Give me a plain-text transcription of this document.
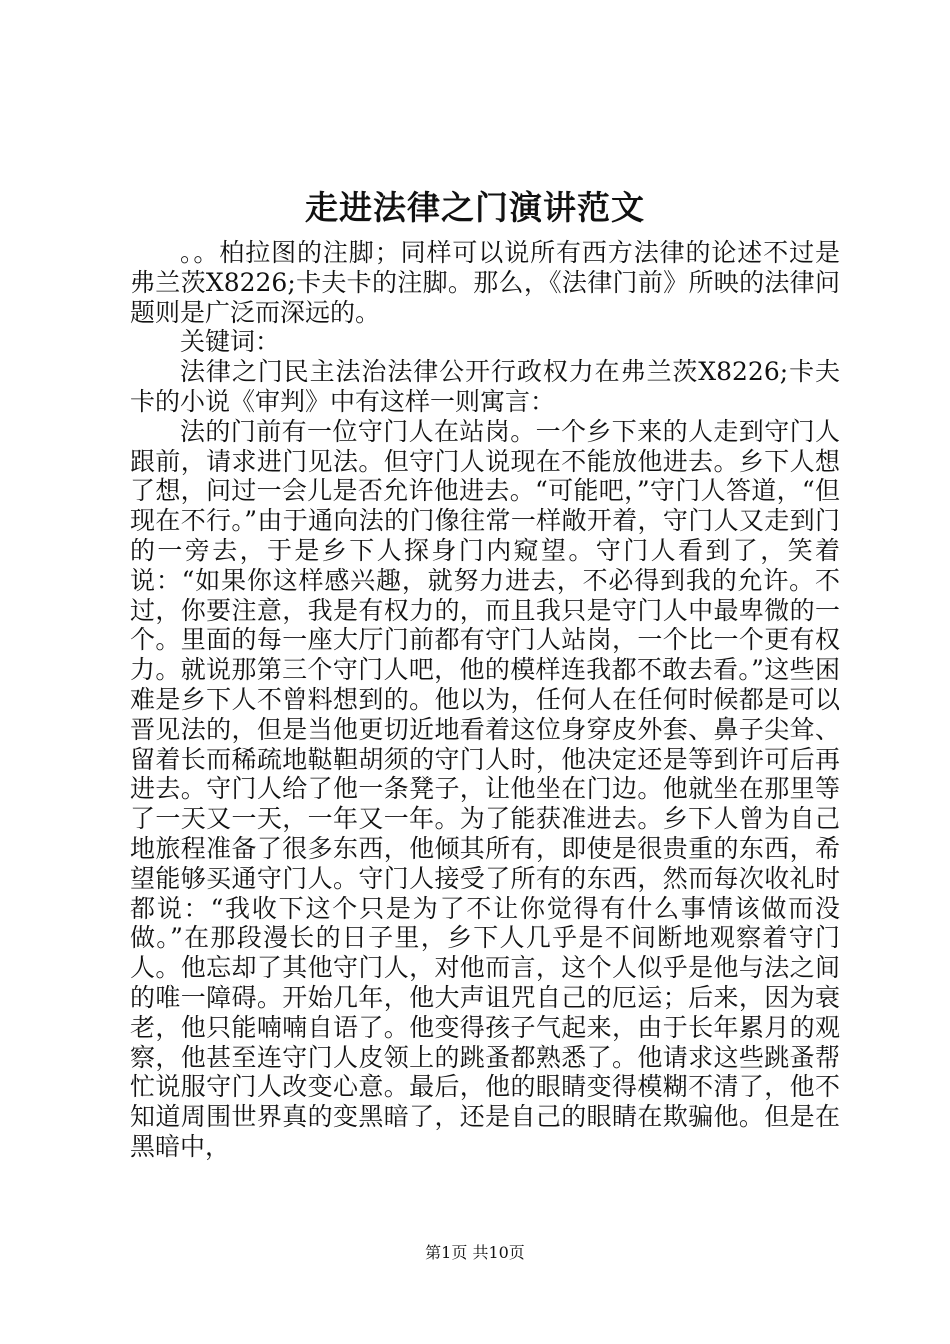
走进法律之门演讲范文

。。柏拉图的注脚；同样可以说所有西方法律的论述不过是弗兰茨X8226;卡夫卡的注脚。那么，《法律门前》所映的法律问题则是广泛而深远的。

关键词：

法律之门民主法治法律公开行政权力在弗兰茨X8226;卡夫卡的小说《审判》中有这样一则寓言：

法的门前有一位守门人在站岗。一个乡下来的人走到守门人跟前，请求进门见法。但守门人说现在不能放他进去。乡下人想了想，问过一会儿是否允许他进去。“可能吧，”守门人答道，“但现在不行。”由于通向法的门像往常一样敞开着，守门人又走到门的一旁去，于是乡下人探身门内窥望。守门人看到了，笑着说：“如果你这样感兴趣，就努力进去，不必得到我的允许。不过，你要注意，我是有权力的，而且我只是守门人中最卑微的一个。里面的每一座大厅门前都有守门人站岗，一个比一个更有权力。就说那第三个守门人吧，他的模样连我都不敢去看。”这些困难是乡下人不曾料想到的。他以为，任何人在任何时候都是可以晋见法的，但是当他更切近地看着这位身穿皮外套、鼻子尖耸、留着长而稀疏地鞑靼胡须的守门人时，他决定还是等到许可后再进去。守门人给了他一条凳子，让他坐在门边。他就坐在那里等了一天又一天，一年又一年。为了能获准进去。乡下人曾为自己地旅程准备了很多东西，他倾其所有，即使是很贵重的东西，希望能够买通守门人。守门人接受了所有的东西，然而每次收礼时都说：“我收下这个只是为了不让你觉得有什么事情该做而没做。”在那段漫长的日子里，乡下人几乎是不间断地观察着守门人。他忘却了其他守门人，对他而言，这个人似乎是他与法之间的唯一障碍。开始几年，他大声诅咒自己的厄运；后来，因为衰老，他只能喃喃自语了。他变得孩子气起来，由于长年累月的观察，他甚至连守门人皮领上的跳蚤都熟悉了。他请求这些跳蚤帮忙说服守门人改变心意。最后，他的眼睛变得模糊不清了，他不知道周围世界真的变黑暗了，还是自己的眼睛在欺骗他。但是在黑暗中，

第1页 共10页
